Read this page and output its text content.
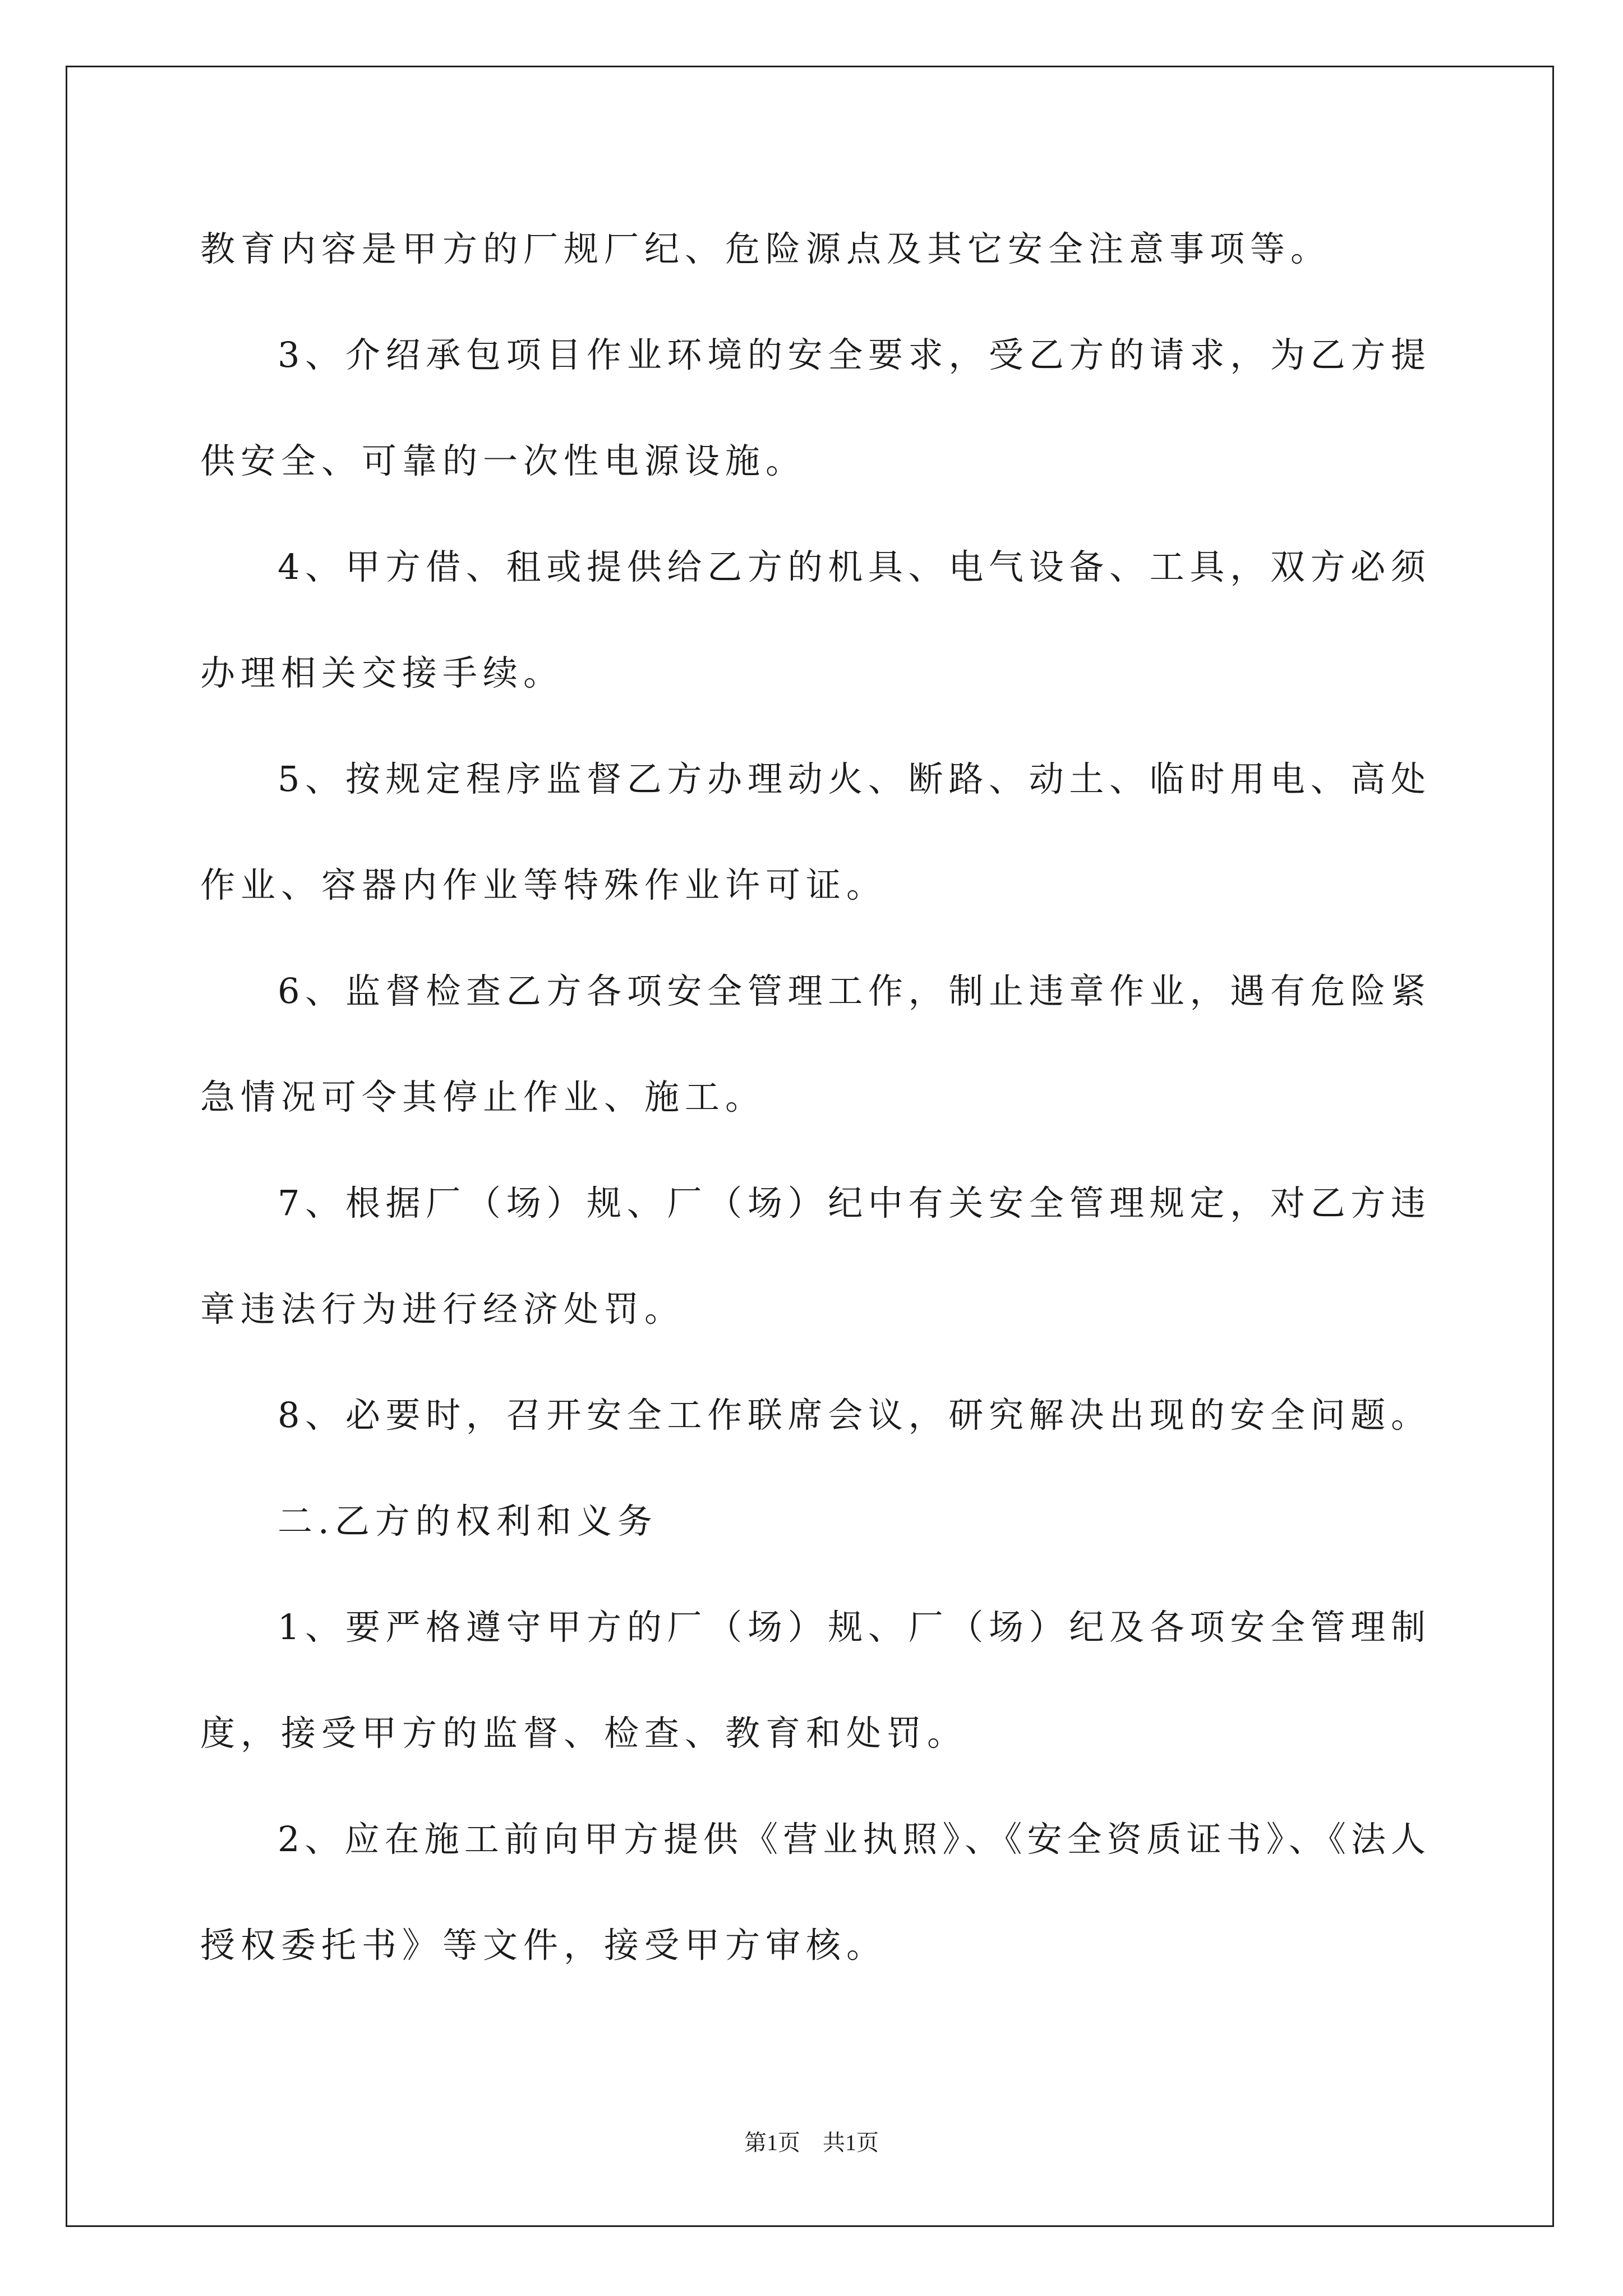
教育内容是甲方的厂规厂纪、危险源点及其它安全注意事项等。
3、介绍承包项目作业环境的安全要求，受乙方的请求，为乙方提
供安全、可靠的一次性电源设施。
4、甲方借、租或提供给乙方的机具、电气设备、工具，双方必须
办理相关交接手续。
5、按规定程序监督乙方办理动火、断路、动土、临时用电、高处
作业、容器内作业等特殊作业许可证。
6、监督检查乙方各项安全管理工作，制止违章作业，遇有危险紧
急情况可令其停止作业、施工。
7、根据厂（场）规、厂（场）纪中有关安全管理规定，对乙方违
章违法行为进行经济处罚。
8、必要时，召开安全工作联席会议，研究解决出现的安全问题。
二.乙方的权利和义务
1、要严格遵守甲方的厂（场）规、厂（场）纪及各项安全管理制
度，接受甲方的监督、检查、教育和处罚。
2、应在施工前向甲方提供《营业执照》、《安全资质证书》、《法人
授权委托书》等文件，接受甲方审核。
第1页　共1页
